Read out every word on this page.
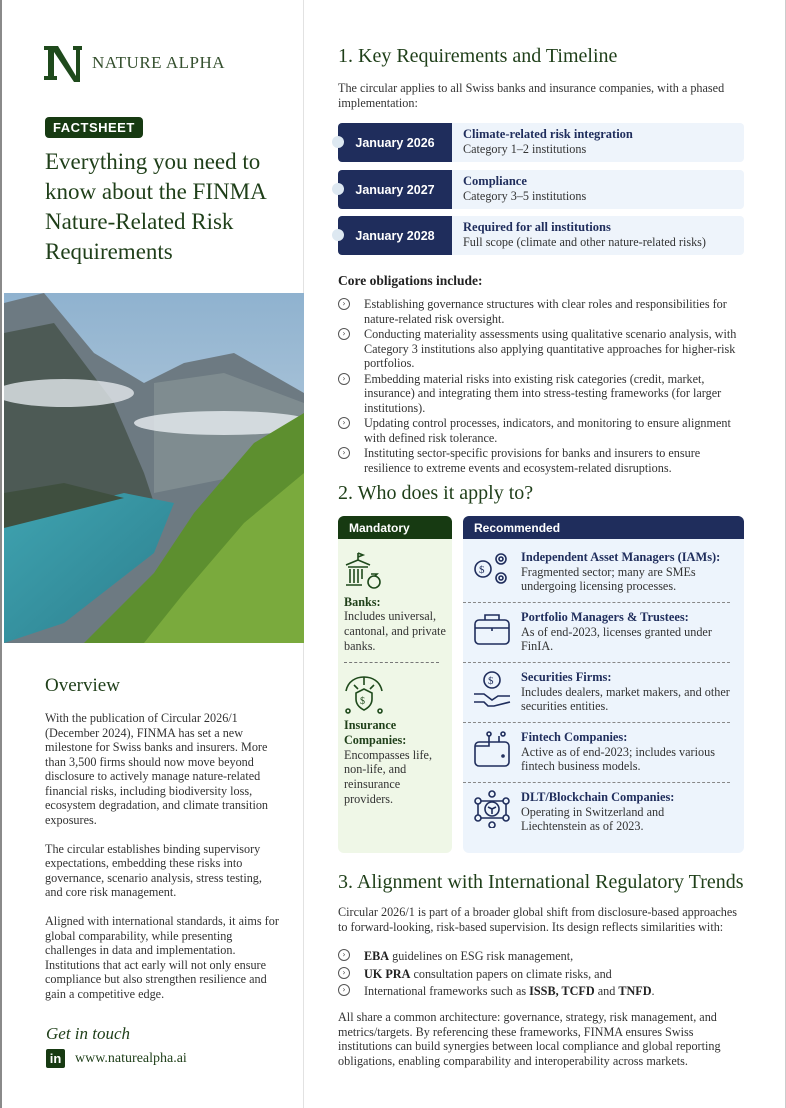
NATURE ALPHA
FACTSHEET
Everything you need to know about the FINMA Nature-Related Risk Requirements
Overview

With the publication of Circular 2026/1 (December 2024), FINMA has set a new milestone for Swiss banks and insurers. More than 3,500 firms should now move beyond disclosure to actively manage nature-related financial risks, including biodiversity loss, ecosystem degradation, and climate transition exposures.

The circular establishes binding supervisory expectations, embedding these risks into governance, scenario analysis, stress testing, and core risk management.

Aligned with international standards, it aims for global comparability, while presenting challenges in data and implementation. Institutions that act early will not only ensure compliance but also strengthen resilience and gain a competitive edge.

Get in touch
in www.naturealpha.ai
1. Key Requirements and Timeline
The circular applies to all Swiss banks and insurance companies, with a phased implementation:
January 2026
Climate-related risk integration
Category 1–2 institutions
January 2027
Compliance
Category 3–5 institutions
January 2028
Required for all institutions
Full scope (climate and other nature-related risks)
Core obligations include:
›	Establishing governance structures with clear roles and responsibilities for nature-related risk oversight.
›	Conducting materiality assessments using qualitative scenario analysis, with Category 3 institutions also applying quantitative approaches for higher-risk portfolios.
›	Embedding material risks into existing risk categories (credit, market, insurance) and integrating them into stress-testing frameworks (for larger institutions).
›	Updating control processes, indicators, and monitoring to ensure alignment with defined risk tolerance.
›	Instituting sector-specific provisions for banks and insurers to ensure resilience to extreme events and ecosystem-related disruptions.
2. Who does it apply to?
Mandatory
Banks:
Includes universal, cantonal, and private banks.
$
Insurance Companies:
Encompasses life, non-life, and reinsurance providers.
Recommended
$
Independent Asset Managers (IAMs):
Fragmented sector; many are SMEs undergoing licensing processes.
Portfolio Managers & Trustees:
As of end-2023, licenses granted under FinIA.
$ Securities Firms:
Includes dealers, market makers, and other securities entities.
Fintech Companies:
Active as of end-2023; includes various fintech business models.
DLT/Blockchain Companies:
Operating in Switzerland and Liechtenstein as of 2023.
3. Alignment with International Regulatory Trends
Circular 2026/1 is part of a broader global shift from disclosure-based approaches to forward-looking, risk-based supervision. Its design reflects similarities with:
›	EBA guidelines on ESG risk management,
›	UK PRA consultation papers on climate risks, and
›	International frameworks such as ISSB, TCFD and TNFD.
All share a common architecture: governance, strategy, risk management, and metrics/targets. By referencing these frameworks, FINMA ensures Swiss institutions can build synergies between local compliance and global reporting obligations, enabling comparability and interoperability across markets.
